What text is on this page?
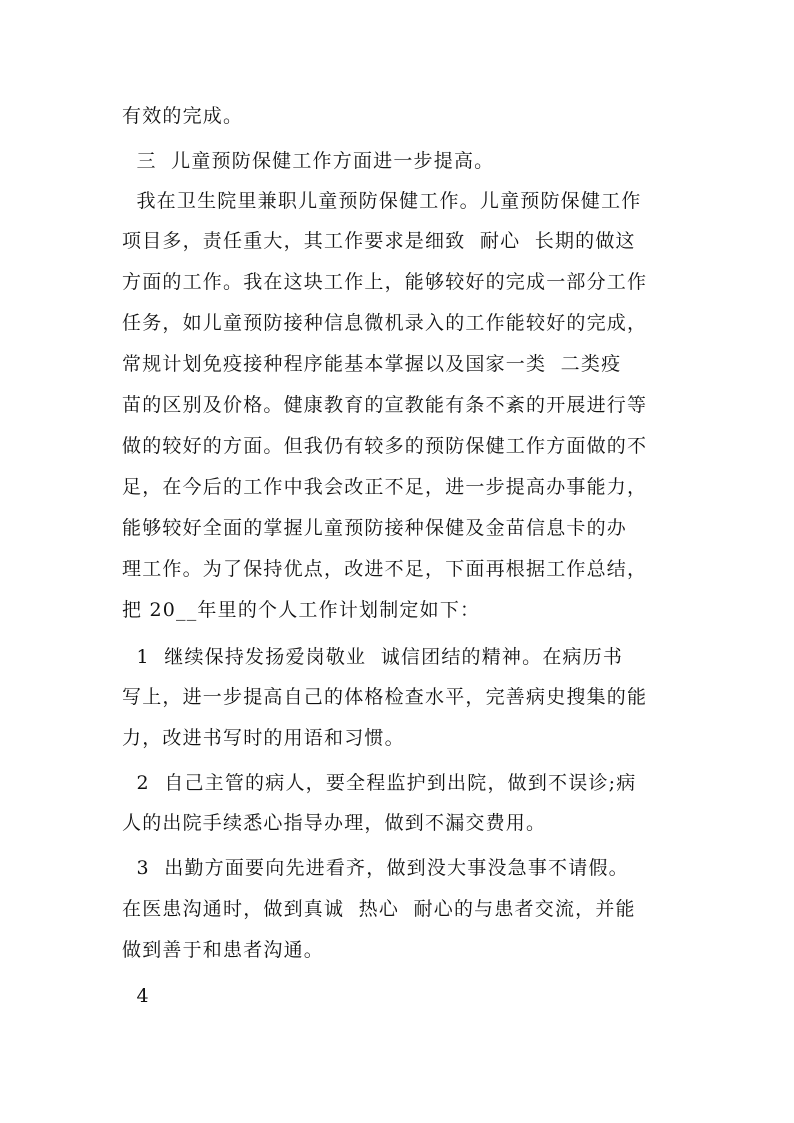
有效的完成。
三  儿童预防保健工作方面进一步提高。
我在卫生院里兼职儿童预防保健工作。儿童预防保健工作
项目多，责任重大，其工作要求是细致  耐心  长期的做这
方面的工作。我在这块工作上，能够较好的完成一部分工作
任务，如儿童预防接种信息微机录入的工作能较好的完成，
常规计划免疫接种程序能基本掌握以及国家一类  二类疫
苗的区别及价格。健康教育的宣教能有条不紊的开展进行等
做的较好的方面。但我仍有较多的预防保健工作方面做的不
足，在今后的工作中我会改正不足，进一步提高办事能力，
能够较好全面的掌握儿童预防接种保健及金苗信息卡的办
理工作。为了保持优点，改进不足，下面再根据工作总结，
把 20__年里的个人工作计划制定如下：
1  继续保持发扬爱岗敬业  诚信团结的精神。在病历书
写上，进一步提高自己的体格检查水平，完善病史搜集的能
力，改进书写时的用语和习惯。
2  自己主管的病人，要全程监护到出院，做到不误诊;病
人的出院手续悉心指导办理，做到不漏交费用。
3  出勤方面要向先进看齐，做到没大事没急事不请假。
在医患沟通时，做到真诚  热心  耐心的与患者交流，并能
做到善于和患者沟通。
4
